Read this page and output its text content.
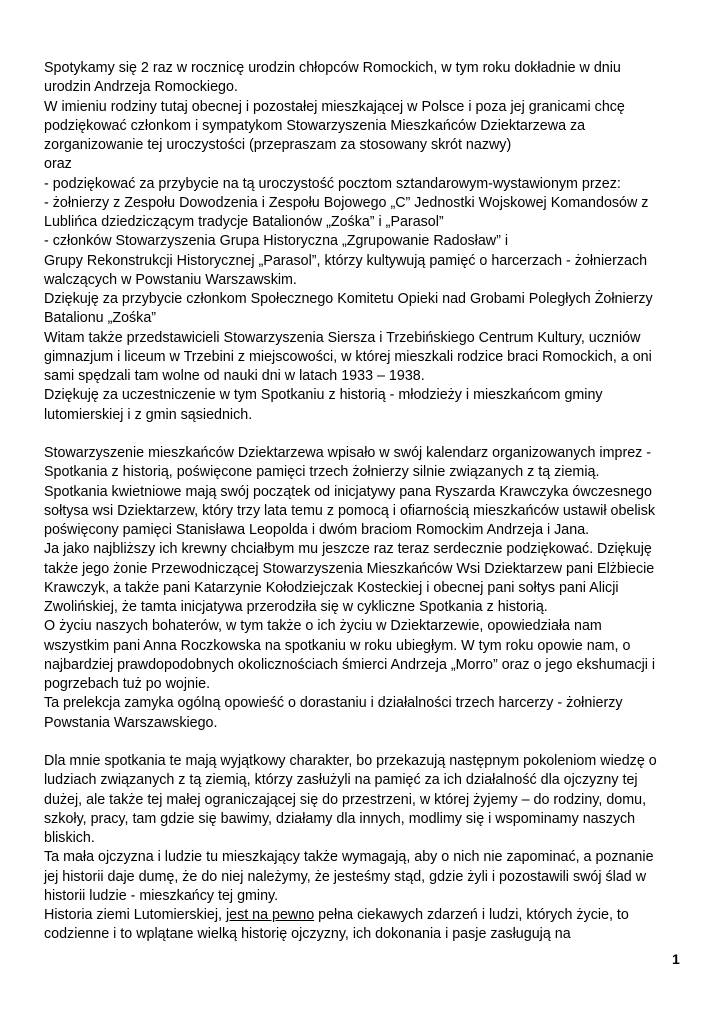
Spotykamy się 2 raz w rocznicę urodzin chłopców Romockich, w tym roku dokładnie w dniu
urodzin Andrzeja Romockiego.
W imieniu rodziny tutaj obecnej i pozostałej mieszkającej w Polsce i poza jej granicami chcę
podziękować członkom i sympatykom Stowarzyszenia Mieszkańców Dziektarzewa za
zorganizowanie tej uroczystości (przepraszam za stosowany skrót nazwy)
oraz
- podziękować za przybycie na tą uroczystość pocztom sztandarowym-wystawionym przez:
- żołnierzy z Zespołu Dowodzenia i Zespołu Bojowego „C” Jednostki Wojskowej Komandosów z
Lublińca dziedziczącym tradycje Batalionów „Zośka” i „Parasol”
- członków Stowarzyszenia Grupa Historyczna „Zgrupowanie Radosław” i
Grupy Rekonstrukcji Historycznej „Parasol”, którzy kultywują pamięć o harcerzach - żołnierzach
walczących w Powstaniu Warszawskim.
Dziękuję za przybycie członkom Społecznego Komitetu Opieki nad Grobami Poległych Żołnierzy
Batalionu „Zośka”
Witam także przedstawicieli Stowarzyszenia Siersza i Trzebińskiego Centrum Kultury, uczniów
gimnazjum i liceum w Trzebini z miejscowości, w której mieszkali rodzice braci Romockich, a oni
sami spędzali tam wolne od nauki dni w latach 1933 – 1938.
Dziękuję za uczestniczenie w tym Spotkaniu z historią - młodzieży i mieszkańcom gminy
lutomierskiej i z gmin sąsiednich.
Stowarzyszenie mieszkańców Dziektarzewa wpisało w swój kalendarz organizowanych imprez -
Spotkania z historią, poświęcone pamięci trzech żołnierzy silnie związanych z tą ziemią.
Spotkania kwietniowe mają swój początek od inicjatywy pana Ryszarda Krawczyka ówczesnego
sołtysa wsi Dziektarzew, który trzy lata temu z pomocą i ofiarnością mieszkańców ustawił obelisk
poświęcony pamięci Stanisława Leopolda i dwóm braciom Romockim Andrzeja i Jana.
Ja jako najbliższy ich krewny chciałbym mu jeszcze raz teraz serdecznie podziękować. Dziękuję
także jego żonie Przewodniczącej Stowarzyszenia Mieszkańców Wsi Dziektarzew pani Elżbiecie
Krawczyk, a także pani Katarzynie Kołodziejczak Kosteckiej i obecnej pani sołtys pani Alicji
Zwolińskiej, że tamta inicjatywa przerodziła się w cykliczne Spotkania z historią.
O życiu naszych bohaterów, w tym także o ich życiu w Dziektarzewie, opowiedziała nam
wszystkim pani Anna Roczkowska na spotkaniu w roku ubiegłym. W tym roku opowie nam, o
najbardziej prawdopodobnych okolicznościach śmierci Andrzeja „Morro” oraz o jego ekshumacji i
pogrzebach tuż po wojnie.
Ta prelekcja zamyka ogólną opowieść o dorastaniu i działalności trzech harcerzy - żołnierzy
Powstania Warszawskiego.
Dla mnie spotkania te mają wyjątkowy charakter, bo przekazują następnym pokoleniom wiedzę o
ludziach związanych z tą ziemią, którzy zasłużyli na pamięć za ich działalność dla ojczyzny tej
dużej, ale także tej małej ograniczającej się do przestrzeni, w której żyjemy – do rodziny, domu,
szkoły, pracy, tam gdzie się bawimy, działamy dla innych, modlimy się i wspominamy naszych
bliskich.
Ta mała ojczyzna i ludzie tu mieszkający także wymagają, aby o nich nie zapominać, a poznanie
jej historii daje dumę, że do niej należymy, że jesteśmy stąd, gdzie żyli i pozostawili swój ślad w
historii ludzie - mieszkańcy tej gminy.
Historia ziemi Lutomierskiej, jest na pewno pełna ciekawych zdarzeń i ludzi, których życie, to
codzienne i to wplątane wielką historię ojczyzny, ich dokonania i pasje zasługują na
1
